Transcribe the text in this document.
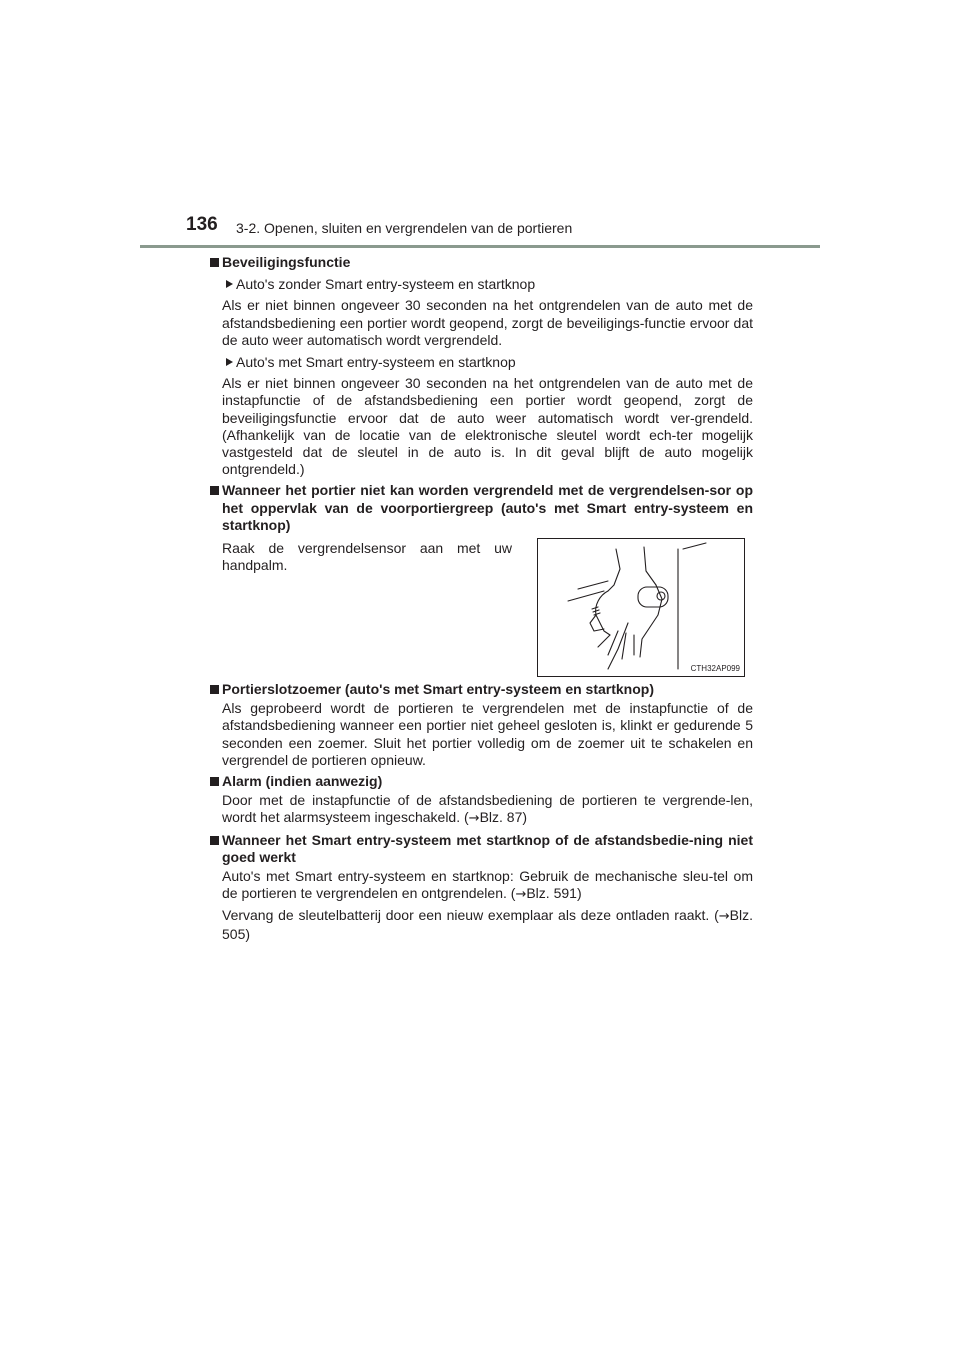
136 3-2. Openen, sluiten en vergrendelen van de portieren
Beveiligingsfunctie
Auto's zonder Smart entry-systeem en startknop
Als er niet binnen ongeveer 30 seconden na het ontgrendelen van de auto met de afstandsbediening een portier wordt geopend, zorgt de beveiligings-functie ervoor dat de auto weer automatisch wordt vergrendeld.
Auto's met Smart entry-systeem en startknop
Als er niet binnen ongeveer 30 seconden na het ontgrendelen van de auto met de instapfunctie of de afstandsbediening een portier wordt geopend, zorgt de beveiligingsfunctie ervoor dat de auto weer automatisch wordt ver-grendeld. (Afhankelijk van de locatie van de elektronische sleutel wordt ech-ter mogelijk vastgesteld dat de sleutel in de auto is. In dit geval blijft de auto mogelijk ontgrendeld.)
Wanneer het portier niet kan worden vergrendeld met de vergrendelsen-sor op het oppervlak van de voorportiergreep (auto's met Smart entry-systeem en startknop)
Raak de vergrendelsensor aan met uw handpalm.
CTH32AP099
Portierslotzoemer (auto's met Smart entry-systeem en startknop)
Als geprobeerd wordt de portieren te vergrendelen met de instapfunctie of de afstandsbediening wanneer een portier niet geheel gesloten is, klinkt er gedurende 5 seconden een zoemer. Sluit het portier volledig om de zoemer uit te schakelen en vergrendel de portieren opnieuw.
Alarm (indien aanwezig)
Door met de instapfunctie of de afstandsbediening de portieren te vergrende-len, wordt het alarmsysteem ingeschakeld. (→Blz. 87)
Wanneer het Smart entry-systeem met startknop of de afstandsbedie-ning niet goed werkt
Auto's met Smart entry-systeem en startknop: Gebruik de mechanische sleu-tel om de portieren te vergrendelen en ontgrendelen. (→Blz. 591)
Vervang de sleutelbatterij door een nieuw exemplaar als deze ontladen raakt. (→Blz. 505)
